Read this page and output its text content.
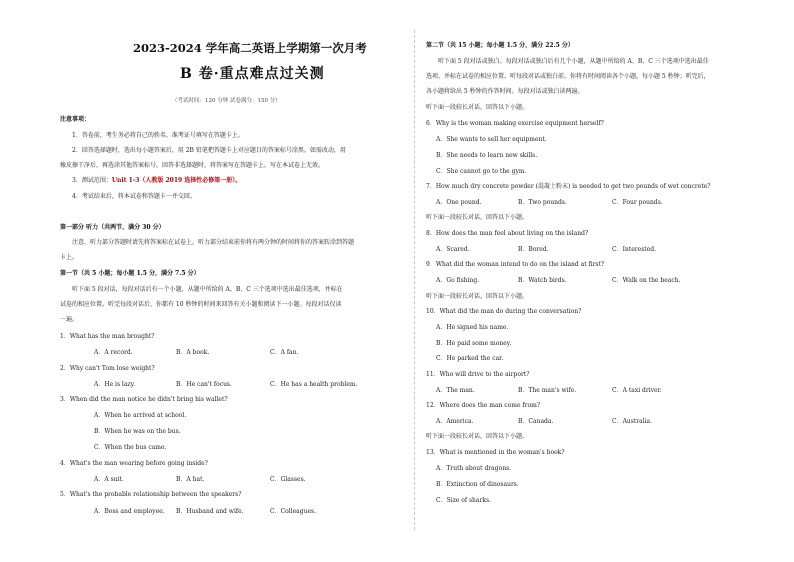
2023-2024 学年高二英语上学期第一次月考
B 卷·重点难点过关测
（考试时间：120 分钟 试卷满分：150 分）
注意事项：
1．答卷前，考生务必将自己的姓名、准考证号填写在答题卡上。
2．回答选择题时，选出每小题答案后，用 2B 铅笔把答题卡上对应题目的答案标号涂黑。如需改动，用
橡皮擦干净后，再选涂其他答案标号。回答非选择题时，将答案写在答题卡上。写在本试卷上无效。
3．测试范围：Unit 1-3（人教版 2019 选择性必修第一册）。
4．考试结束后，将本试卷和答题卡一并交回。
第一部分 听力（共两节，满分 30 分）
注意，听力部分答题时请先将答案标在试卷上，听力部分结束前你将有两分钟的时间将你的答案转涂到答题
卡上。
第一节（共 5 小题；每小题 1.5 分，满分 7.5 分）
听下面 5 段对话，每段对话后有一个小题，从题中所给的 A、B、C 三个选项中选出最佳选项，并标在
试卷的相应位置。听完每段对话后，你都有 10 秒钟的时间来回答有关小题和阅读下一小题。每段对话仅读
一遍。
1．What has the man brought?
A．A record.	B．A book.	C．A fan.
2．Why can't Tom lose weight?
A．He is lazy.	B．He can't focus.	C．He has a health problem.
3．When did the man notice he didn't bring his wallet?
A．When he arrived at school.
B．When he was on the bus.
C．When the bus came.
4．What's the man wearing before going inside?
A．A suit.	B．A hat.	C．Glasses.
5．What's the probable relationship between the speakers?
A．Boss and employee. B．Husband and wife.	C．Colleagues.
第二节（共 15 小题；每小题 1.5 分，满分 22.5 分）
听下面 5 段对话或独白。每段对话或独白后有几个小题，从题中所给的 A、B、C 三个选项中选出最佳
选项，并标在试卷的相应位置。听每段对话或独白前，你将有时间阅读各个小题，每小题 5 秒钟；听完后，
各小题将给出 5 秒钟的作答时间。每段对话或独白读两遍。
听下面一段较长对话，回答以下小题。
6．Why is the woman making exercise equipment herself?
A．She wants to sell her equipment.
B．She needs to learn new skills.
C．She cannot go to the gym.
7．How much dry concrete powder (混凝土粉末) is needed to get two pounds of wet concrete?
A．One pound.	B．Two pounds.	C．Four pounds.
听下面一段较长对话，回答以下小题。
8．How does the man feel about living on the island?
A．Scared.	B．Bored.	C．Interested.
9．What did the woman intend to do on the island at first?
A．Go fishing.	B．Watch birds.	C．Walk on the beach.
听下面一段较长对话，回答以下小题。
10．What did the man do during the conversation?
A．He signed his name.
B．He paid some money.
C．He parked the car.
11．Who will drive to the airport?
A．The man.	B．The man's wife.	C．A taxi driver.
12．Where does the man come from?
A．America.	B．Canada.	C．Australia.
听下面一段较长对话，回答以下小题。
13．What is mentioned in the woman's book?
A．Truth about dragons.
B．Extinction of dinosaurs.
C．Size of sharks.
